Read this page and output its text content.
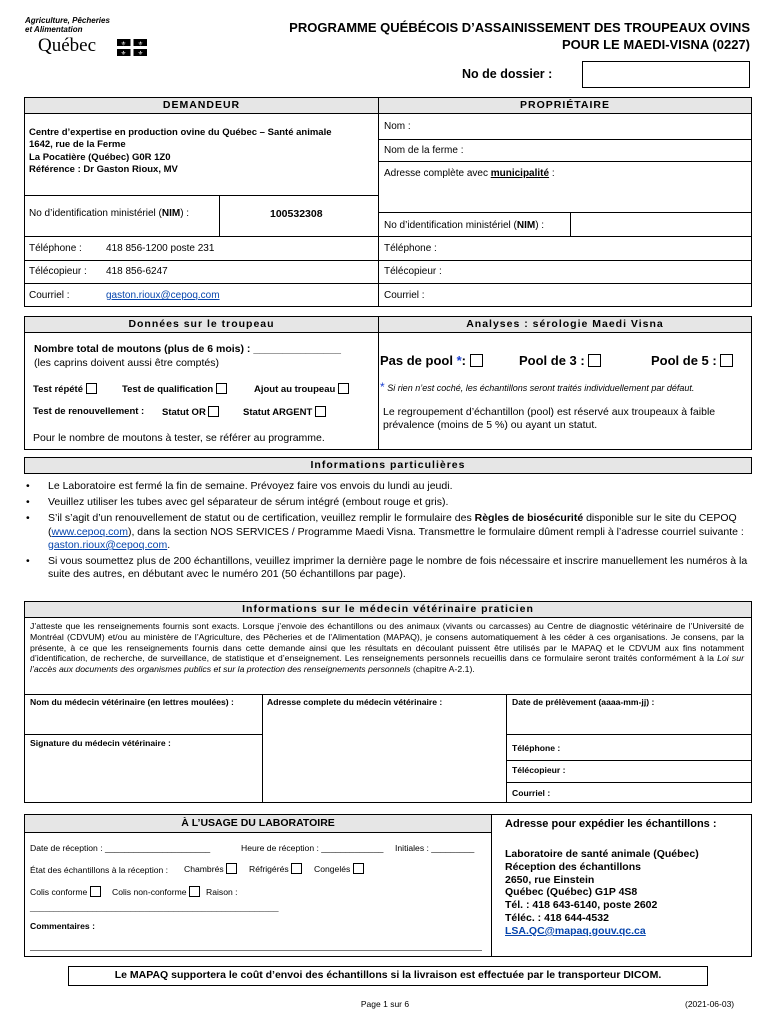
Agriculture, Pêcheries
et Alimentation
Québec	⚜ ⚜
⚜ ⚜
PROGRAMME QUÉBÉCOIS D’ASSAINISSEMENT DES TROUPEAUX OVINS
POUR LE MAEDI-VISNA (0227)
No de dossier :
DEMANDEUR	PROPRIÉTAIRE
Centre d’expertise en production ovine du Québec – Santé animale
1642, rue de la Ferme
La Pocatière (Québec) G0R 1Z0
Référence : Dr Gaston Rioux, MV
No d’identification ministériel (NIM) :	100532308
Téléphone : 418 856-1200 poste 231
Télécopieur : 418 856-6247
Courriel :	gaston.rioux@cepoq.com
Nom :
Nom de la ferme :
Adresse complète avec municipalité :
No d’identification ministériel (NIM) :
Téléphone :
Télécopieur :
Courriel :
Données sur le troupeau	Analyses : sérologie Maedi Visna
Nombre total de moutons (plus de 6 mois) : _______________
(les caprins doivent aussi être comptés)
Test répété	Test de qualification	Ajout au troupeau
Test de renouvellement : Statut OR	Statut ARGENT
Pour le nombre de moutons à tester, se référer au programme.
Pas de pool *:	Pool de 3 :	Pool de 5 :
* Si rien n’est coché, les échantillons seront traités individuellement par défaut.
Le regroupement d’échantillon (pool) est réservé aux troupeaux à faible prévalence (moins de 5 %) ou ayant un statut.
Informations particulières
• Le Laboratoire est fermé la fin de semaine. Prévoyez faire vos envois du lundi au jeudi.
• Veuillez utiliser les tubes avec gel séparateur de sérum intégré (embout rouge et gris).
• S’il s’agit d’un renouvellement de statut ou de certification, veuillez remplir le formulaire des Règles de biosécurité disponible sur le site du CEPOQ (www.cepoq.com), dans la section NOS SERVICES / Programme Maedi Visna. Transmettre le formulaire dûment rempli à l’adresse courriel suivante : gaston.rioux@cepoq.com.
• Si vous soumettez plus de 200 échantillons, veuillez imprimer la dernière page le nombre de fois nécessaire et inscrire manuellement les numéros à la suite des autres, en débutant avec le numéro 201 (50 échantillons par page).
Informations sur le médecin vétérinaire praticien
J’atteste que les renseignements fournis sont exacts. Lorsque j’envoie des échantillons ou des animaux (vivants ou carcasses) au Centre de diagnostic vétérinaire de l’Université de Montréal (CDVUM) et/ou au ministère de l’Agriculture, des Pêcheries et de l’Alimentation (MAPAQ), je consens automatiquement à les céder à ces organisations. Je consens, par la présente, à ce que les renseignements fournis dans cette demande ainsi que les résultats en découlant puissent être utilisés par le MAPAQ et le CDVUM aux fins notamment d’identification, de recherche, de surveillance, de statistique et d’enseignement. Les renseignements personnels recueillis dans ce formulaire seront traités conformément à la Loi sur l’accès aux documents des organismes publics et sur la protection des renseignements personnels (chapitre A-2.1).
Nom du médecin vétérinaire (en lettres moulées) :	Adresse complete du médecin vétérinaire :	Date de prélèvement (aaaa-mm-jj) :
Signature du médecin vétérinaire :	Téléphone :
Télécopieur :
Courriel :
À L’USAGE DU LABORATOIRE
Date de réception : ______________________	Heure de réception : _____________ Initiales : _________
État des échantillons à la réception : Chambrés	Réfrigérés	Congelés
Colis conforme	Colis non-conforme	Raison :
____________________________________________________
Commentaires :
Adresse pour expédier les échantillons :
Laboratoire de santé animale (Québec)
Réception des échantillons
2650, rue Einstein
Québec (Québec) G1P 4S8
Tél. : 418 643-6140, poste 2602
Téléc. : 418 644-4532
LSA.QC@mapaq.gouv.qc.ca
Le MAPAQ supportera le coût d’envoi des échantillons si la livraison est effectuée par le transporteur DICOM.
Page 1 sur 6	(2021-06-03)
